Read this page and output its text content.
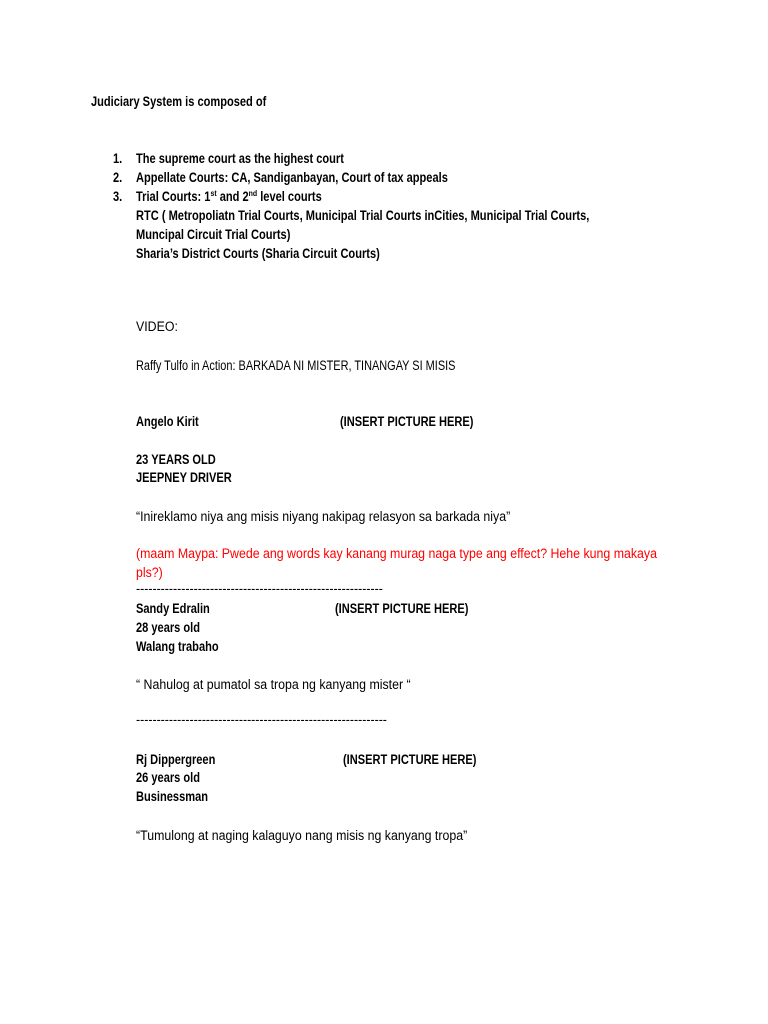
Judiciary System is composed of
1. The supreme court as the highest court
2. Appellate Courts: CA, Sandiganbayan, Court of tax appeals
3. Trial Courts: 1st and 2nd level courts
RTC ( Metropoliatn Trial Courts, Municipal Trial Courts inCities, Municipal Trial Courts,
Muncipal Circuit Trial Courts)
Sharia’s District Courts (Sharia Circuit Courts)
VIDEO:
Raffy Tulfo in Action: BARKADA NI MISTER, TINANGAY SI MISIS
Angelo Kirit	(INSERT PICTURE HERE)
23 YEARS OLD
JEEPNEY DRIVER
“Inireklamo niya ang misis niyang nakipag relasyon sa barkada niya”
(maam Maypa: Pwede ang words kay kanang murag naga type ang effect? Hehe kung makaya
pls?)
------------------------------------------------------------
Sandy Edralin	(INSERT PICTURE HERE)
28 years old
Walang trabaho
“ Nahulog at pumatol sa tropa ng kanyang mister “
-------------------------------------------------------------
Rj Dippergreen	(INSERT PICTURE HERE)
26 years old
Businessman
“Tumulong at naging kalaguyo nang misis ng kanyang tropa”
